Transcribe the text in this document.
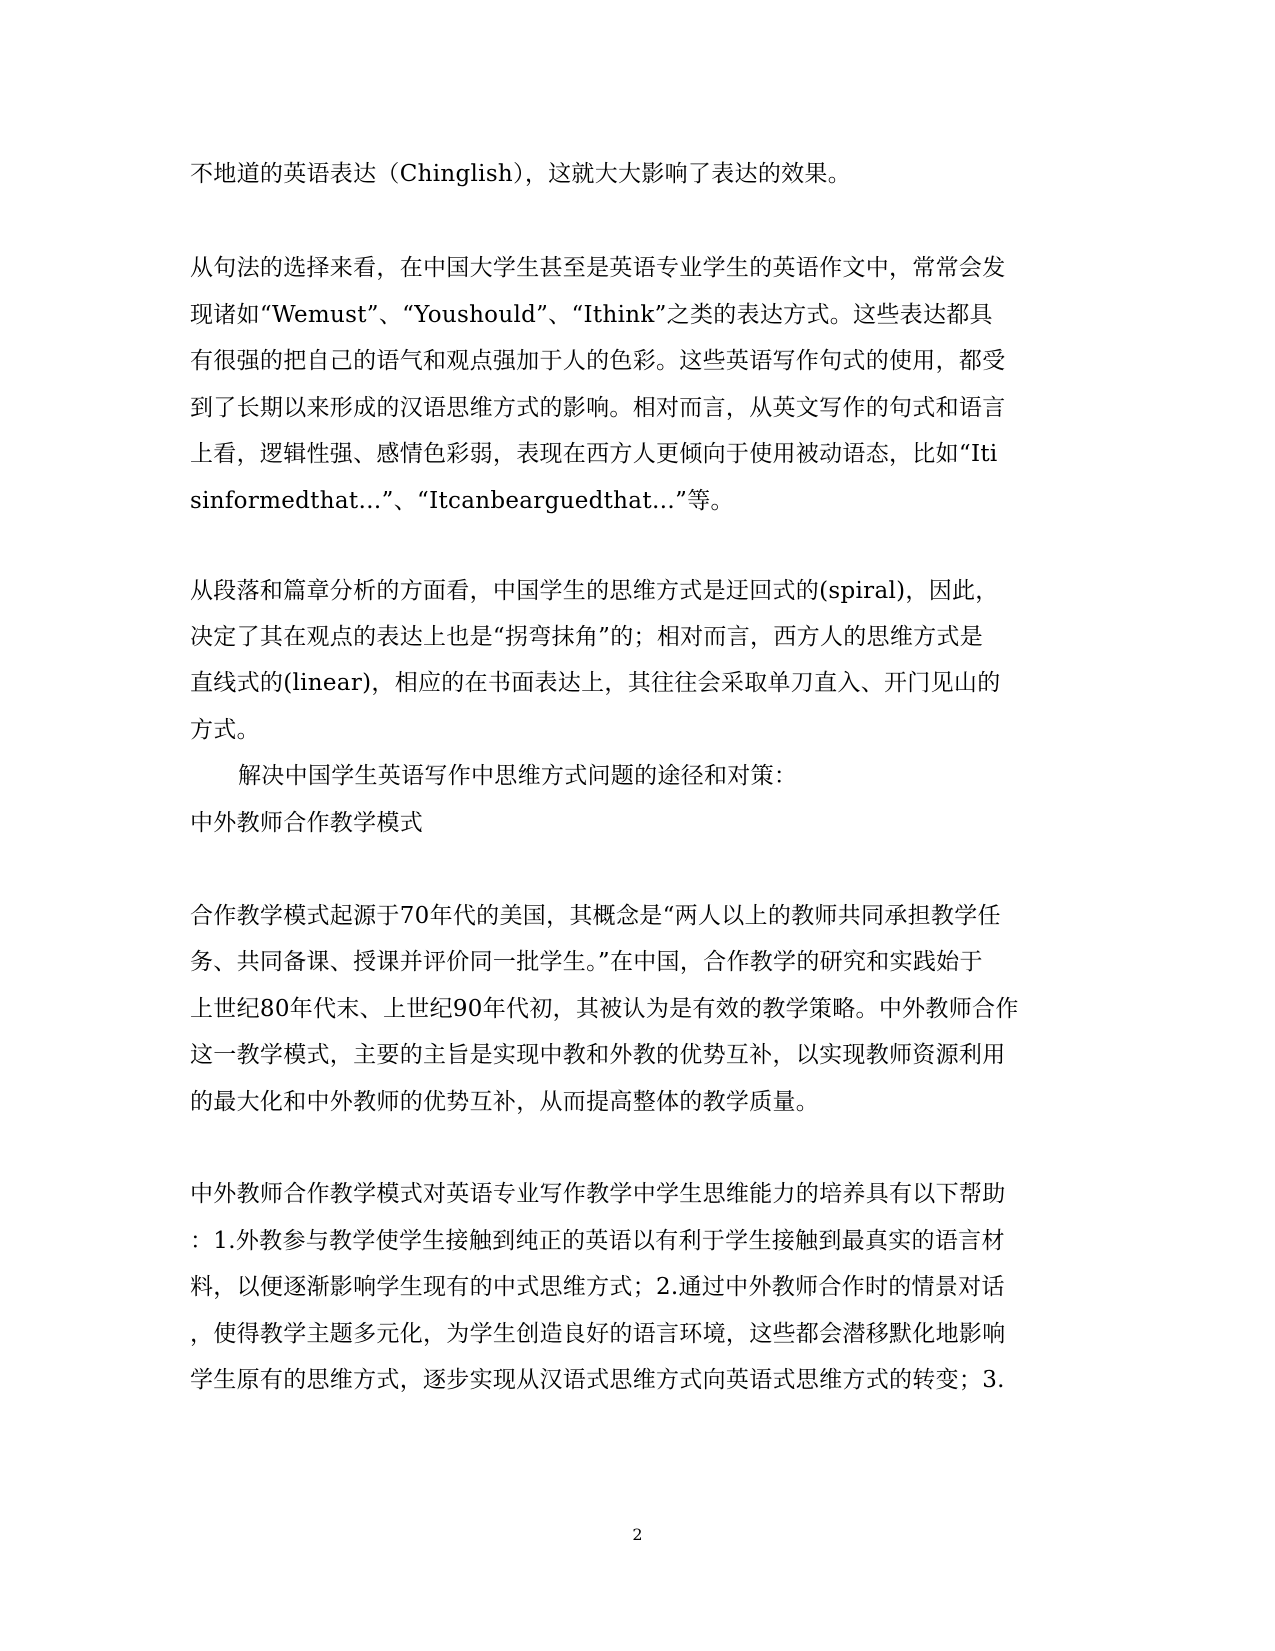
不地道的英语表达（Chinglish），这就大大影响了表达的效果。
从句法的选择来看，在中国大学生甚至是英语专业学生的英语作文中，常常会发
现诸如“Wemust”、“Youshould”、“Ithink”之类的表达方式。这些表达都具
有很强的把自己的语气和观点强加于人的色彩。这些英语写作句式的使用，都受
到了长期以来形成的汉语思维方式的影响。相对而言，从英文写作的句式和语言
上看，逻辑性强、感情色彩弱，表现在西方人更倾向于使用被动语态，比如“Iti
sinformedthat…”、“Itcanbearguedthat…”等。
从段落和篇章分析的方面看，中国学生的思维方式是迂回式的(spiral)，因此，
决定了其在观点的表达上也是“拐弯抹角”的；相对而言，西方人的思维方式是
直线式的(linear)，相应的在书面表达上，其往往会采取单刀直入、开门见山的
方式。
解决中国学生英语写作中思维方式问题的途径和对策：
中外教师合作教学模式
合作教学模式起源于70年代的美国，其概念是“两人以上的教师共同承担教学任
务、共同备课、授课并评价同一批学生。”在中国，合作教学的研究和实践始于
上世纪80年代末、上世纪90年代初，其被认为是有效的教学策略。中外教师合作
这一教学模式，主要的主旨是实现中教和外教的优势互补，以实现教师资源利用
的最大化和中外教师的优势互补，从而提高整体的教学质量。
中外教师合作教学模式对英语专业写作教学中学生思维能力的培养具有以下帮助
：1.外教参与教学使学生接触到纯正的英语以有利于学生接触到最真实的语言材
料，以便逐渐影响学生现有的中式思维方式；2.通过中外教师合作时的情景对话
，使得教学主题多元化，为学生创造良好的语言环境，这些都会潜移默化地影响
学生原有的思维方式，逐步实现从汉语式思维方式向英语式思维方式的转变；3.
2
